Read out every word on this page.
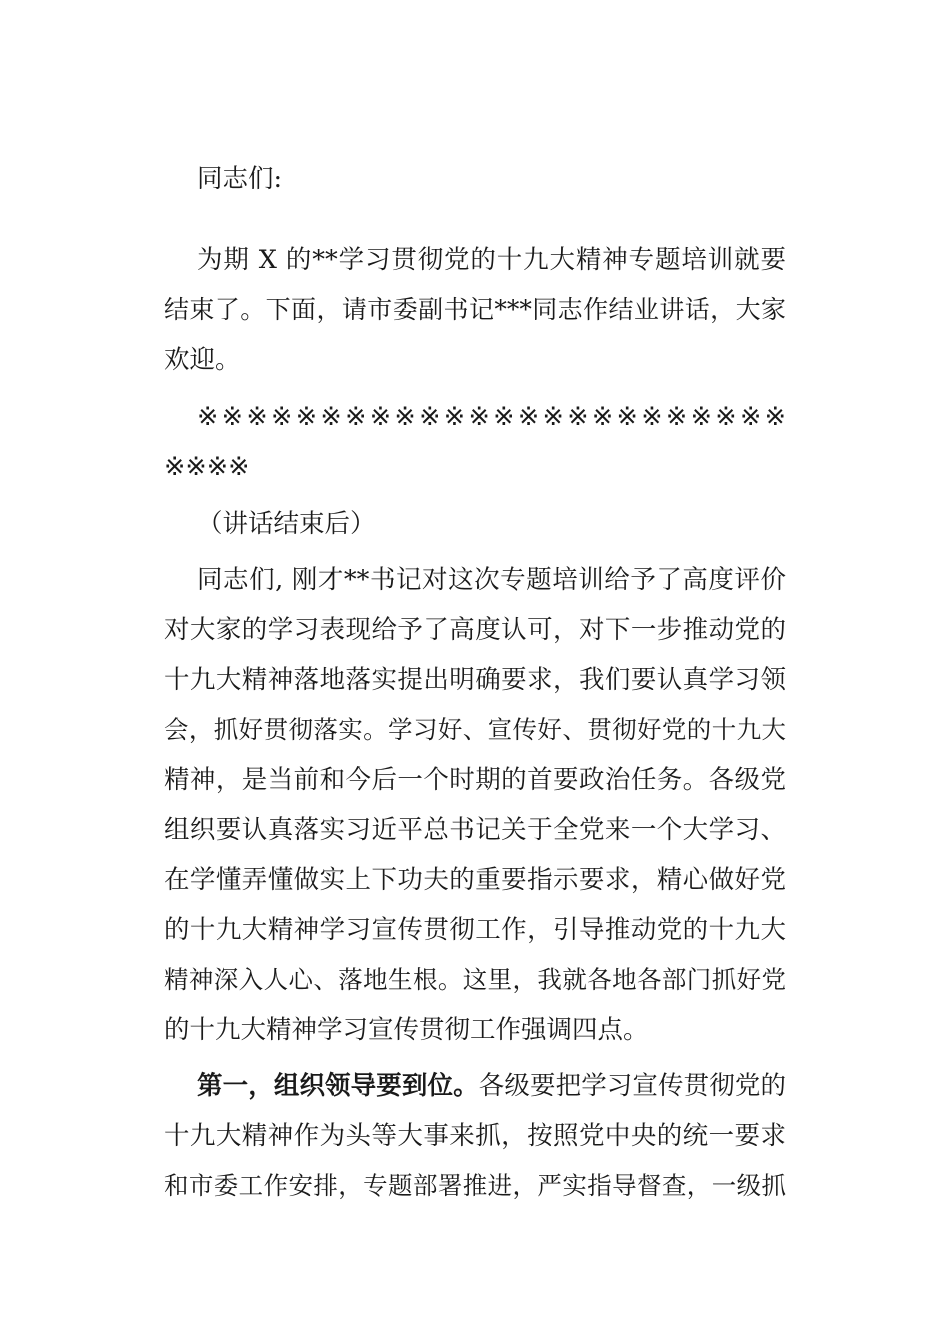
同志们:
为期 X 的**学习贯彻党的十九大精神专题培训就要
结束了。下面，请市委副书记***同志作结业讲话，大家
欢迎。
※※※※※※※※※※※※※※※※※※※※※※※※
※※※※
（讲话结束后）
同志们, 刚才**书记对这次专题培训给予了高度评价
对大家的学习表现给予了高度认可，对下一步推动党的
十九大精神落地落实提出明确要求，我们要认真学习领
会，抓好贯彻落实。学习好、宣传好、贯彻好党的十九大
精神，是当前和今后一个时期的首要政治任务。各级党
组织要认真落实习近平总书记关于全党来一个大学习、
在学懂弄懂做实上下功夫的重要指示要求，精心做好党
的十九大精神学习宣传贯彻工作，引导推动党的十九大
精神深入人心、落地生根。这里，我就各地各部门抓好党
的十九大精神学习宣传贯彻工作强调四点。
第一，组织领导要到位。各级要把学习宣传贯彻党的
十九大精神作为头等大事来抓，按照党中央的统一要求
和市委工作安排，专题部署推进，严实指导督查，一级抓
